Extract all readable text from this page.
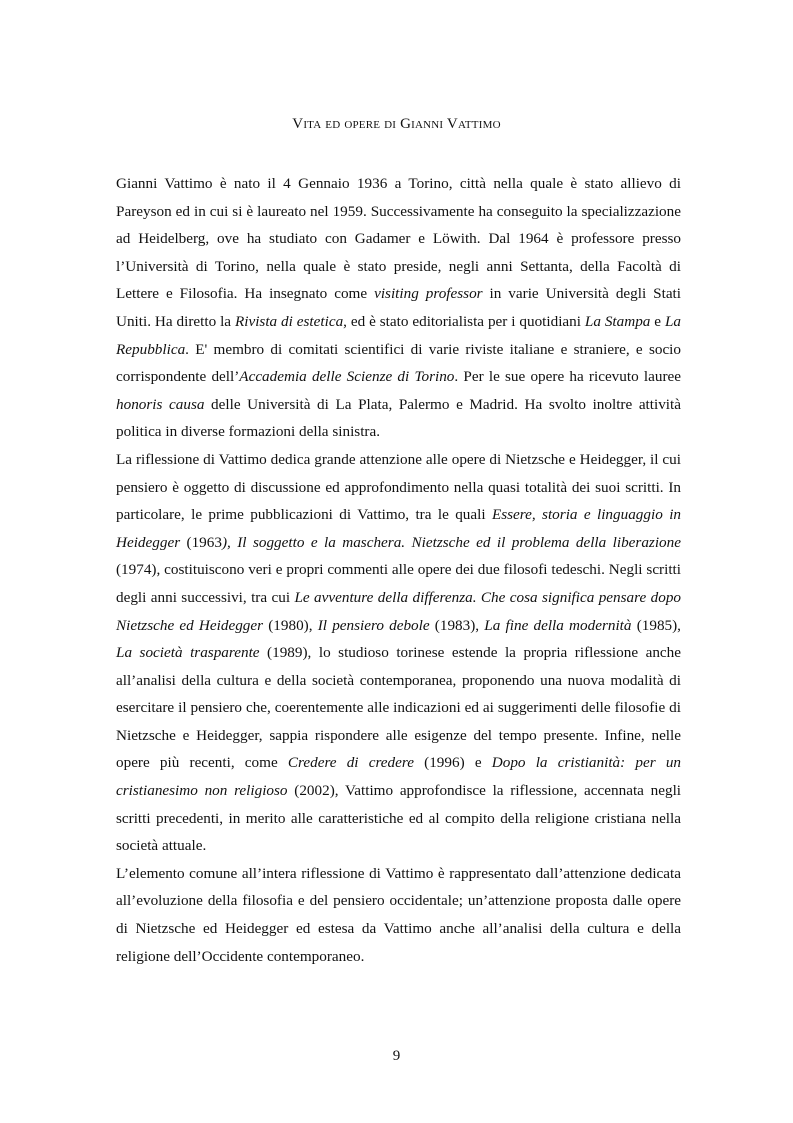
Vita ed opere di Gianni Vattimo

Gianni Vattimo è nato il 4 Gennaio 1936 a Torino, città nella quale è stato allievo di Pareyson ed in cui si è laureato nel 1959. Successivamente ha conseguito la specializzazione ad Heidelberg, ove ha studiato con Gadamer e Löwith. Dal 1964 è professore presso l’Università di Torino, nella quale è stato preside, negli anni Settanta, della Facoltà di Lettere e Filosofia. Ha insegnato come visiting professor in varie Università degli Stati Uniti. Ha diretto la Rivista di estetica, ed è stato editorialista per i quotidiani La Stampa e La Repubblica. E' membro di comitati scientifici di varie riviste italiane e straniere, e socio corrispondente dell’Accademia delle Scienze di Torino. Per le sue opere ha ricevuto lauree honoris causa delle Università di La Plata, Palermo e Madrid. Ha svolto inoltre attività politica in diverse formazioni della sinistra.

La riflessione di Vattimo dedica grande attenzione alle opere di Nietzsche e Heidegger, il cui pensiero è oggetto di discussione ed approfondimento nella quasi totalità dei suoi scritti. In particolare, le prime pubblicazioni di Vattimo, tra le quali Essere, storia e linguaggio in Heidegger (1963), Il soggetto e la maschera. Nietzsche ed il problema della liberazione (1974), costituiscono veri e propri commenti alle opere dei due filosofi tedeschi. Negli scritti degli anni successivi, tra cui Le avventure della differenza. Che cosa significa pensare dopo Nietzsche ed Heidegger (1980), Il pensiero debole (1983), La fine della modernità (1985), La società trasparente (1989), lo studioso torinese estende la propria riflessione anche all’analisi della cultura e della società contemporanea, proponendo una nuova modalità di esercitare il pensiero che, coerentemente alle indicazioni ed ai suggerimenti delle filosofie di Nietzsche e Heidegger, sappia rispondere alle esigenze del tempo presente. Infine, nelle opere più recenti, come Credere di credere (1996) e Dopo la cristianità: per un cristianesimo non religioso (2002), Vattimo approfondisce la riflessione, accennata negli scritti precedenti, in merito alle caratteristiche ed al compito della religione cristiana nella società attuale.

L’elemento comune all’intera riflessione di Vattimo è rappresentato dall’attenzione dedicata all’evoluzione della filosofia e del pensiero occidentale; un’attenzione proposta dalle opere di Nietzsche ed Heidegger ed estesa da Vattimo anche all’analisi della cultura e della religione dell’Occidente contemporaneo.

9
